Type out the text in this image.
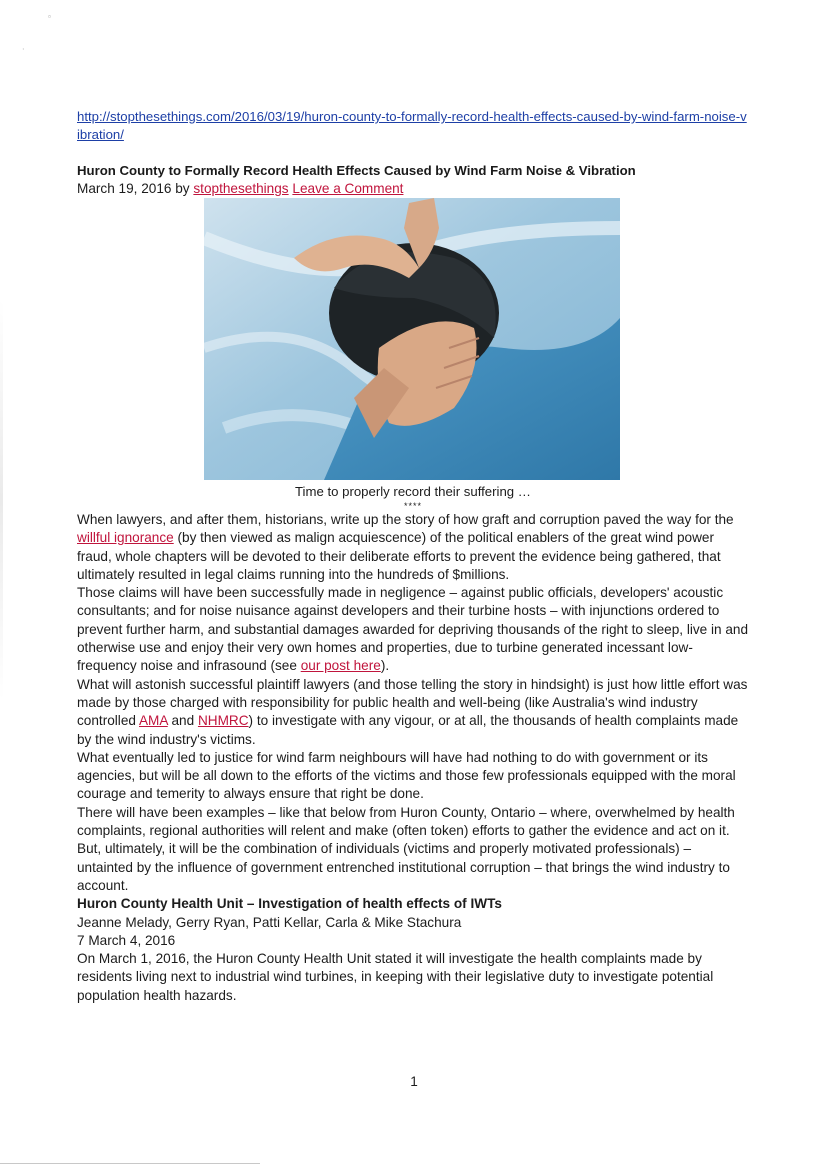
▫
⸒
http://stopthesethings.com/2016/03/19/huron-county-to-formally-record-health-effects-caused-by-wind-farm-noise-vibration/
Huron County to Formally Record Health Effects Caused by Wind Farm Noise & Vibration
March 19, 2016 by stopthesethings Leave a Comment
Time to properly record their suffering …
****

When lawyers, and after them, historians, write up the story of how graft and corruption paved the way for the willful ignorance (by then viewed as malign acquiescence) of the political enablers of the great wind power fraud, whole chapters will be devoted to their deliberate efforts to prevent the evidence being gathered, that ultimately resulted in legal claims running into the hundreds of $millions.

Those claims will have been successfully made in negligence – against public officials, developers' acoustic consultants; and for noise nuisance against developers and their turbine hosts – with injunctions ordered to prevent further harm, and substantial damages awarded for depriving thousands of the right to sleep, live in and otherwise use and enjoy their very own homes and properties, due to turbine generated incessant low-frequency noise and infrasound (see our post here).

What will astonish successful plaintiff lawyers (and those telling the story in hindsight) is just how little effort was made by those charged with responsibility for public health and well-being (like Australia's wind industry controlled AMA and NHMRC) to investigate with any vigour, or at all, the thousands of health complaints made by the wind industry's victims.

What eventually led to justice for wind farm neighbours will have had nothing to do with government or its agencies, but will be all down to the efforts of the victims and those few professionals equipped with the moral courage and temerity to always ensure that right be done.

There will have been examples – like that below from Huron County, Ontario – where, overwhelmed by health complaints, regional authorities will relent and make (often token) efforts to gather the evidence and act on it. But, ultimately, it will be the combination of individuals (victims and properly motivated professionals) – untainted by the influence of government entrenched institutional corruption – that brings the wind industry to account.

Huron County Health Unit – Investigation of health effects of IWTs
Jeanne Melady, Gerry Ryan, Patti Kellar, Carla & Mike Stachura
7 March 4, 2016

On March 1, 2016, the Huron County Health Unit stated it will investigate the health complaints made by residents living next to industrial wind turbines, in keeping with their legislative duty to investigate potential population health hazards.

1
